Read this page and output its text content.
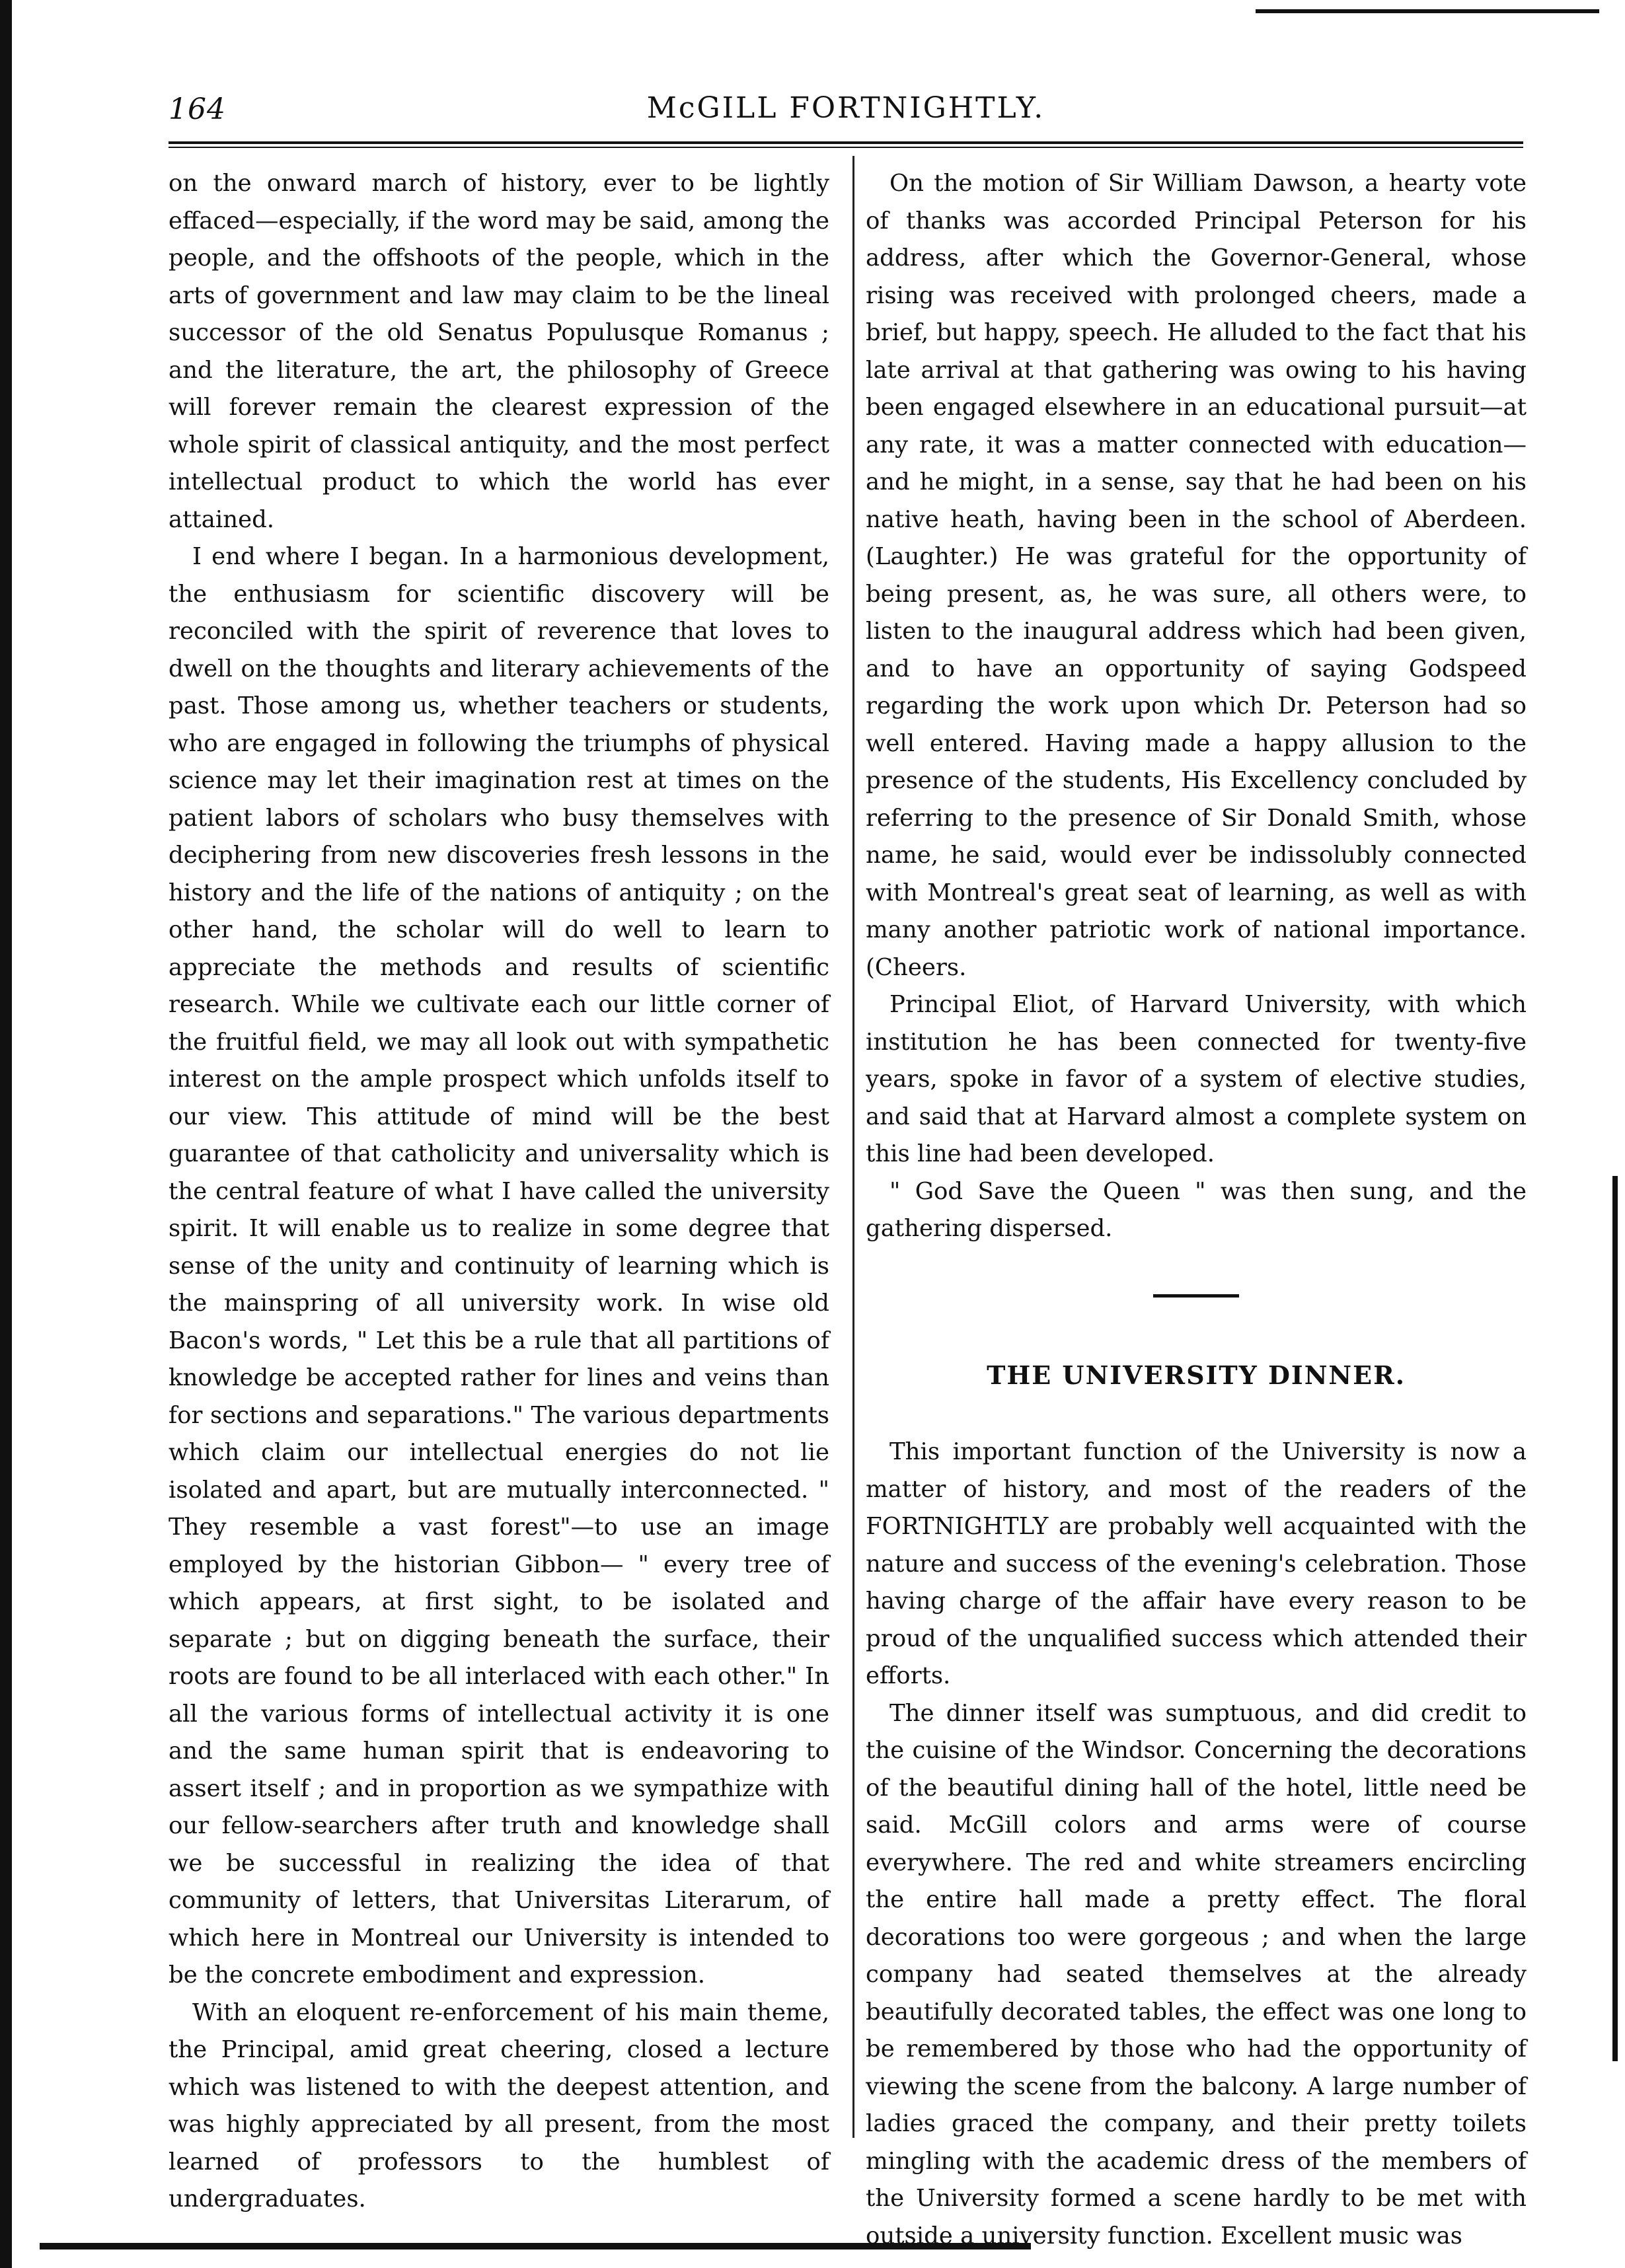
164	McGILL FORTNIGHTLY.

on the onward march of history, ever to be lightly effaced—especially, if the word may be said, among the people, and the offshoots of the people, which in the arts of government and law may claim to be the lineal successor of the old Senatus Populusque Romanus ; and the literature, the art, the philosophy of Greece will forever remain the clearest expression of the whole spirit of classical antiquity, and the most perfect intellectual product to which the world has ever attained.

I end where I began. In a harmonious development, the enthusiasm for scientific discovery will be reconciled with the spirit of reverence that loves to dwell on the thoughts and literary achievements of the past. Those among us, whether teachers or students, who are engaged in following the triumphs of physical science may let their imagination rest at times on the patient labors of scholars who busy themselves with deciphering from new discoveries fresh lessons in the history and the life of the nations of antiquity ; on the other hand, the scholar will do well to learn to appreciate the methods and results of scientific research. While we cultivate each our little corner of the fruitful field, we may all look out with sympathetic interest on the ample prospect which unfolds itself to our view. This attitude of mind will be the best guarantee of that catholicity and universality which is the central feature of what I have called the university spirit. It will enable us to realize in some degree that sense of the unity and continuity of learning which is the mainspring of all university work. In wise old Bacon's words, " Let this be a rule that all partitions of knowledge be accepted rather for lines and veins than for sections and separations." The various departments which claim our intellectual energies do not lie isolated and apart, but are mutually interconnected. " They resemble a vast forest"—to use an image employed by the historian Gibbon— " every tree of which appears, at first sight, to be isolated and separate ; but on digging beneath the surface, their roots are found to be all interlaced with each other." In all the various forms of intellectual activity it is one and the same human spirit that is endeavoring to assert itself ; and in proportion as we sympathize with our fellow-searchers after truth and knowledge shall we be successful in realizing the idea of that community of letters, that Universitas Literarum, of which here in Montreal our University is intended to be the concrete embodiment and expression.

With an eloquent re-enforcement of his main theme, the Principal, amid great cheering, closed a lecture which was listened to with the deepest attention, and was highly appreciated by all present, from the most learned of professors to the humblest of undergraduates.

On the motion of Sir William Dawson, a hearty vote of thanks was accorded Principal Peterson for his address, after which the Governor-General, whose rising was received with prolonged cheers, made a brief, but happy, speech. He alluded to the fact that his late arrival at that gathering was owing to his having been engaged elsewhere in an educational pursuit—at any rate, it was a matter connected with education—and he might, in a sense, say that he had been on his native heath, having been in the school of Aberdeen. (Laughter.) He was grateful for the opportunity of being present, as, he was sure, all others were, to listen to the inaugural address which had been given, and to have an opportunity of saying Godspeed regarding the work upon which Dr. Peterson had so well entered. Having made a happy allusion to the presence of the students, His Excellency concluded by referring to the presence of Sir Donald Smith, whose name, he said, would ever be indissolubly connected with Montreal's great seat of learning, as well as with many another patriotic work of national importance. (Cheers.

Principal Eliot, of Harvard University, with which institution he has been connected for twenty-five years, spoke in favor of a system of elective studies, and said that at Harvard almost a complete system on this line had been developed.

" God Save the Queen " was then sung, and the gathering dispersed.

THE UNIVERSITY DINNER.

This important function of the University is now a matter of history, and most of the readers of the FORTNIGHTLY are probably well acquainted with the nature and success of the evening's celebration. Those having charge of the affair have every reason to be proud of the unqualified success which attended their efforts.

The dinner itself was sumptuous, and did credit to the cuisine of the Windsor. Concerning the decorations of the beautiful dining hall of the hotel, little need be said. McGill colors and arms were of course everywhere. The red and white streamers encircling the entire hall made a pretty effect. The floral decorations too were gorgeous ; and when the large company had seated themselves at the already beautifully decorated tables, the effect was one long to be remembered by those who had the opportunity of viewing the scene from the balcony. A large number of ladies graced the company, and their pretty toilets mingling with the academic dress of the members of the University formed a scene hardly to be met with outside a university function. Excellent music was
